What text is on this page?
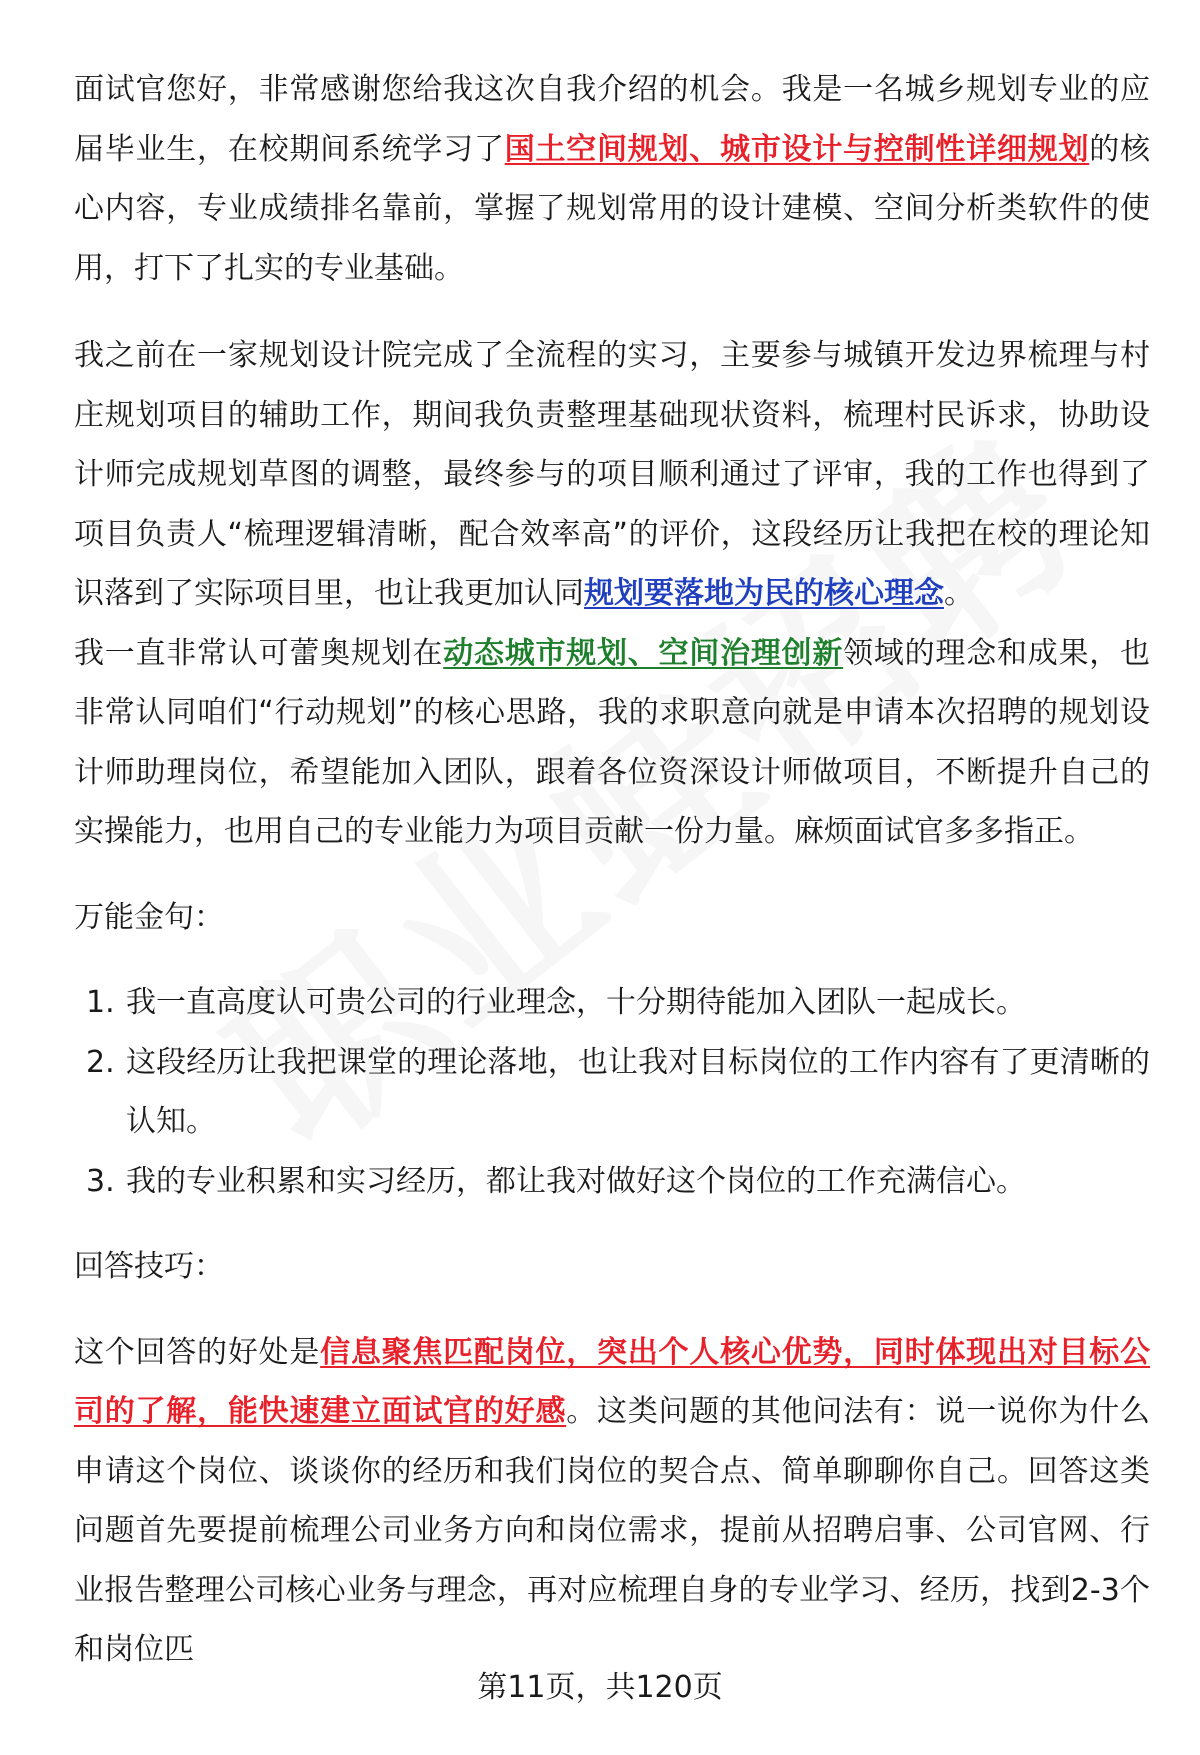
面试官您好，非常感谢您给我这次自我介绍的机会。我是一名城乡规划专业的应届毕业生，在校期间系统学习了国土空间规划、城市设计与控制性详细规划的核心内容，专业成绩排名靠前，掌握了规划常用的设计建模、空间分析类软件的使用，打下了扎实的专业基础。

我之前在一家规划设计院完成了全流程的实习，主要参与城镇开发边界梳理与村庄规划项目的辅助工作，期间我负责整理基础现状资料，梳理村民诉求，协助设计师完成规划草图的调整，最终参与的项目顺利通过了评审，我的工作也得到了项目负责人“梳理逻辑清晰，配合效率高”的评价，这段经历让我把在校的理论知识落到了实际项目里，也让我更加认同规划要落地为民的核心理念。

我一直非常认可蕾奥规划在动态城市规划、空间治理创新领域的理念和成果，也非常认同咱们“行动规划”的核心思路，我的求职意向就是申请本次招聘的规划设计师助理岗位，希望能加入团队，跟着各位资深设计师做项目，不断提升自己的实操能力，也用自己的专业能力为项目贡献一份力量。麻烦面试官多多指正。

万能金句：

1. 我一直高度认可贵公司的行业理念，十分期待能加入团队一起成长。
2. 这段经历让我把课堂的理论落地，也让我对目标岗位的工作内容有了更清晰的认知。
3. 我的专业积累和实习经历，都让我对做好这个岗位的工作充满信心。

回答技巧：

这个回答的好处是信息聚焦匹配岗位，突出个人核心优势，同时体现出对目标公司的了解，能快速建立面试官的好感。这类问题的其他问法有：说一说你为什么申请这个岗位、谈谈你的经历和我们岗位的契合点、简单聊聊你自己。回答这类问题首先要提前梳理公司业务方向和岗位需求，提前从招聘启事、公司官网、行业报告整理公司核心业务与理念，再对应梳理自身的专业学习、经历，找到2-3个和岗位匹

第11页，共120页
